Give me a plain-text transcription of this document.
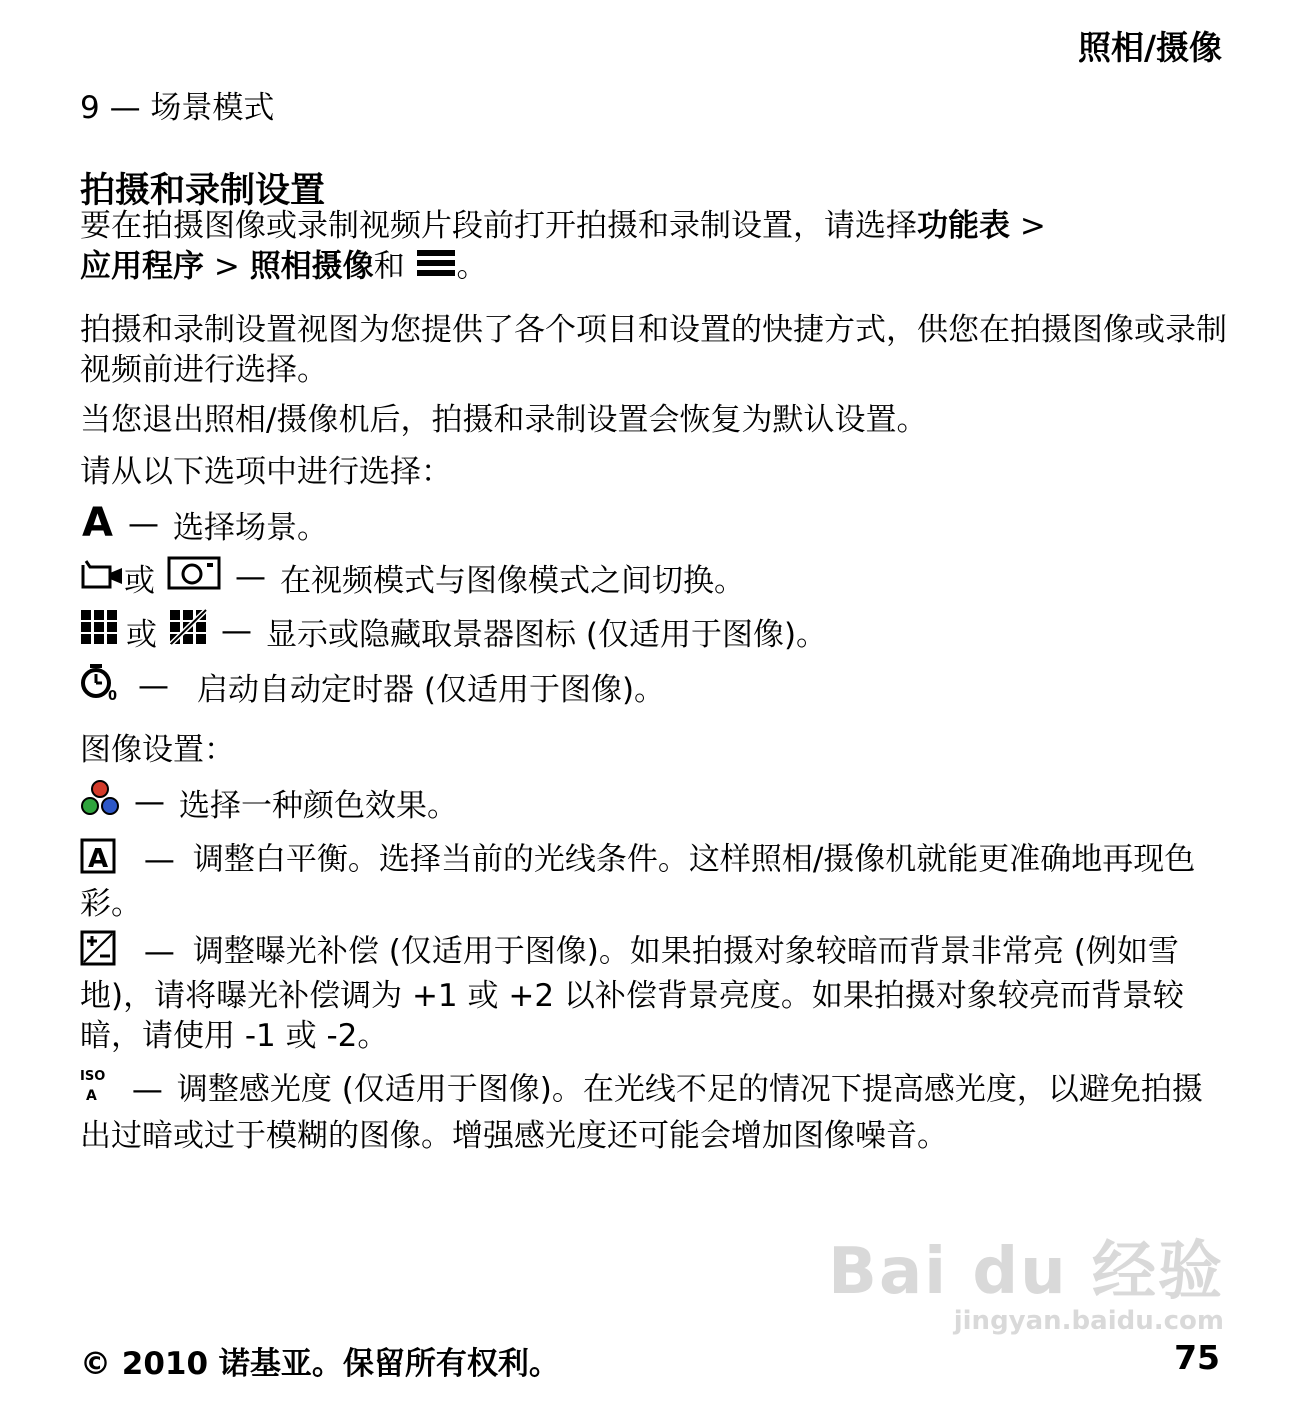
照相/摄像
9 — 场景模式
拍摄和录制设置
要在拍摄图像或录制视频片段前打开拍摄和录制设置，请选择功能表 >
应用程序 > 照相摄像和 。
拍摄和录制设置视图为您提供了各个项目和设置的快捷方式，供您在拍摄图像或录制视频前进行选择。
当您退出照相/摄像机后，拍摄和录制设置会恢复为默认设置。
请从以下选项中进行选择：
A — 选择场景。
或	— 在视频模式与图像模式之间切换。
或 — 显示或隐藏取景器图标 (仅适用于图像)。
0 — 启动自动定时器 (仅适用于图像)。
图像设置：
— 选择一种颜色效果。
A — 调整白平衡。选择当前的光线条件。这样照相/摄像机就能更准确地再现色彩。
— 调整曝光补偿 (仅适用于图像)。如果拍摄对象较暗而背景非常亮 (例如雪地)，请将曝光补偿调为 +1 或 +2 以补偿背景亮度。如果拍摄对象较亮而背景较暗，请使用 -1 或 -2。
ISO
A — 调整感光度 (仅适用于图像)。在光线不足的情况下提高感光度，以避免拍摄出过暗或过于模糊的图像。增强感光度还可能会增加图像噪音。
Bai du 经验
jingyan.baidu.com
© 2010 诺基亚。保留所有权利。	75
